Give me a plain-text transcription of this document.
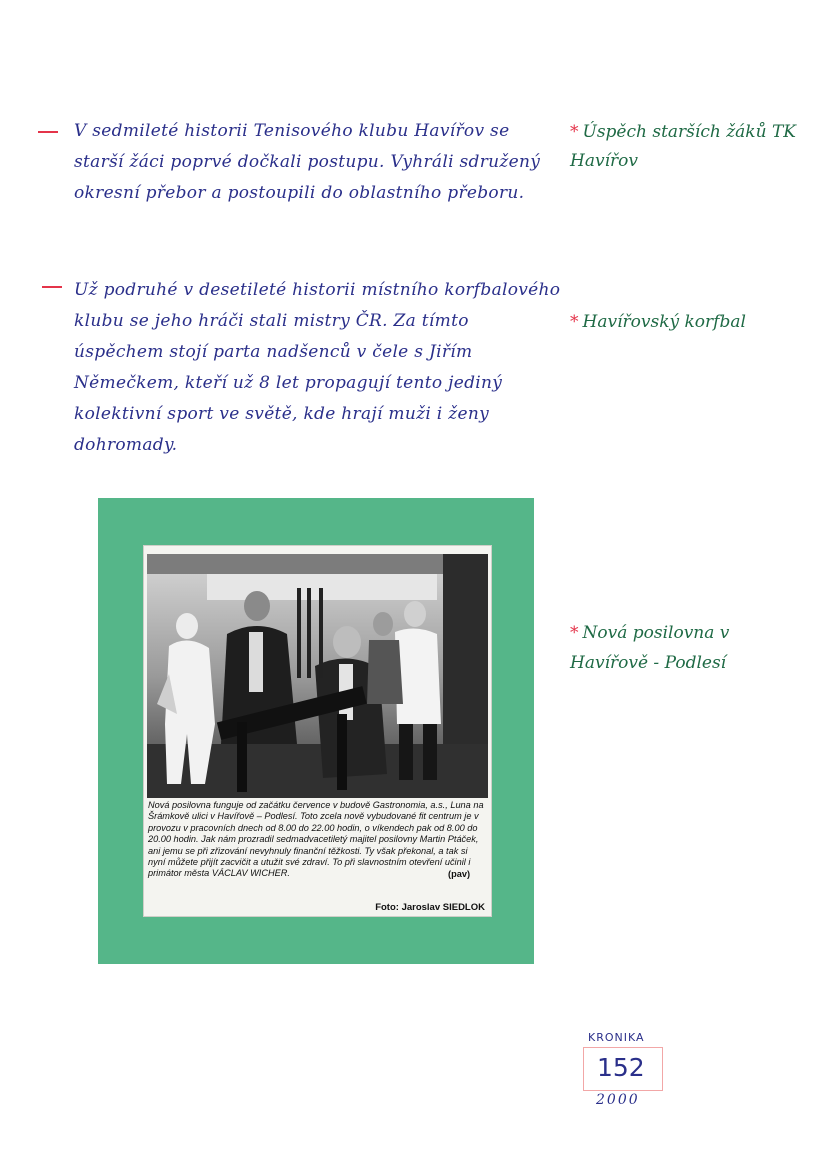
V sedmileté historii Tenisového klubu Havířov se starší žáci poprvé dočkali postupu. Vyhráli sdružený okresní přebor a postoupili do oblastního přeboru.
Už podruhé v desetileté historii místního korfbalového klubu se jeho hráči stali mistry ČR. Za tímto úspěchem stojí parta nadšenců v čele s Jiřím Němečkem, kteří už 8 let propagují tento jediný kolektivní sport ve světě, kde hrají muži i ženy dohromady.
* Úspěch starších žáků TK Havířov
* Havířovský korfbal
* Nová posilovna v Havířově - Podlesí
Nová posilovna funguje od začátku července v budově Gastronomia, a.s., Luna na Šrámkově ulici v Havířově – Podlesí. Toto zcela nově vybudované fit centrum je v provozu v pracovních dnech od 8.00 do 22.00 hodin, o víkendech pak od 8.00 do 20.00 hodin. Jak nám prozradil sedmadvacetiletý majitel posilovny Martin Ptáček, ani jemu se při zřizování nevyhnuly finanční těžkosti. Ty však překonal, a tak si nyní můžete přijít zacvičit a utužit své zdraví. To při slavnostním otevření učinil i primátor města VÁCLAV WICHER.	(pav)
Foto: Jaroslav SIEDLOK
KRONIKA
152
2000
